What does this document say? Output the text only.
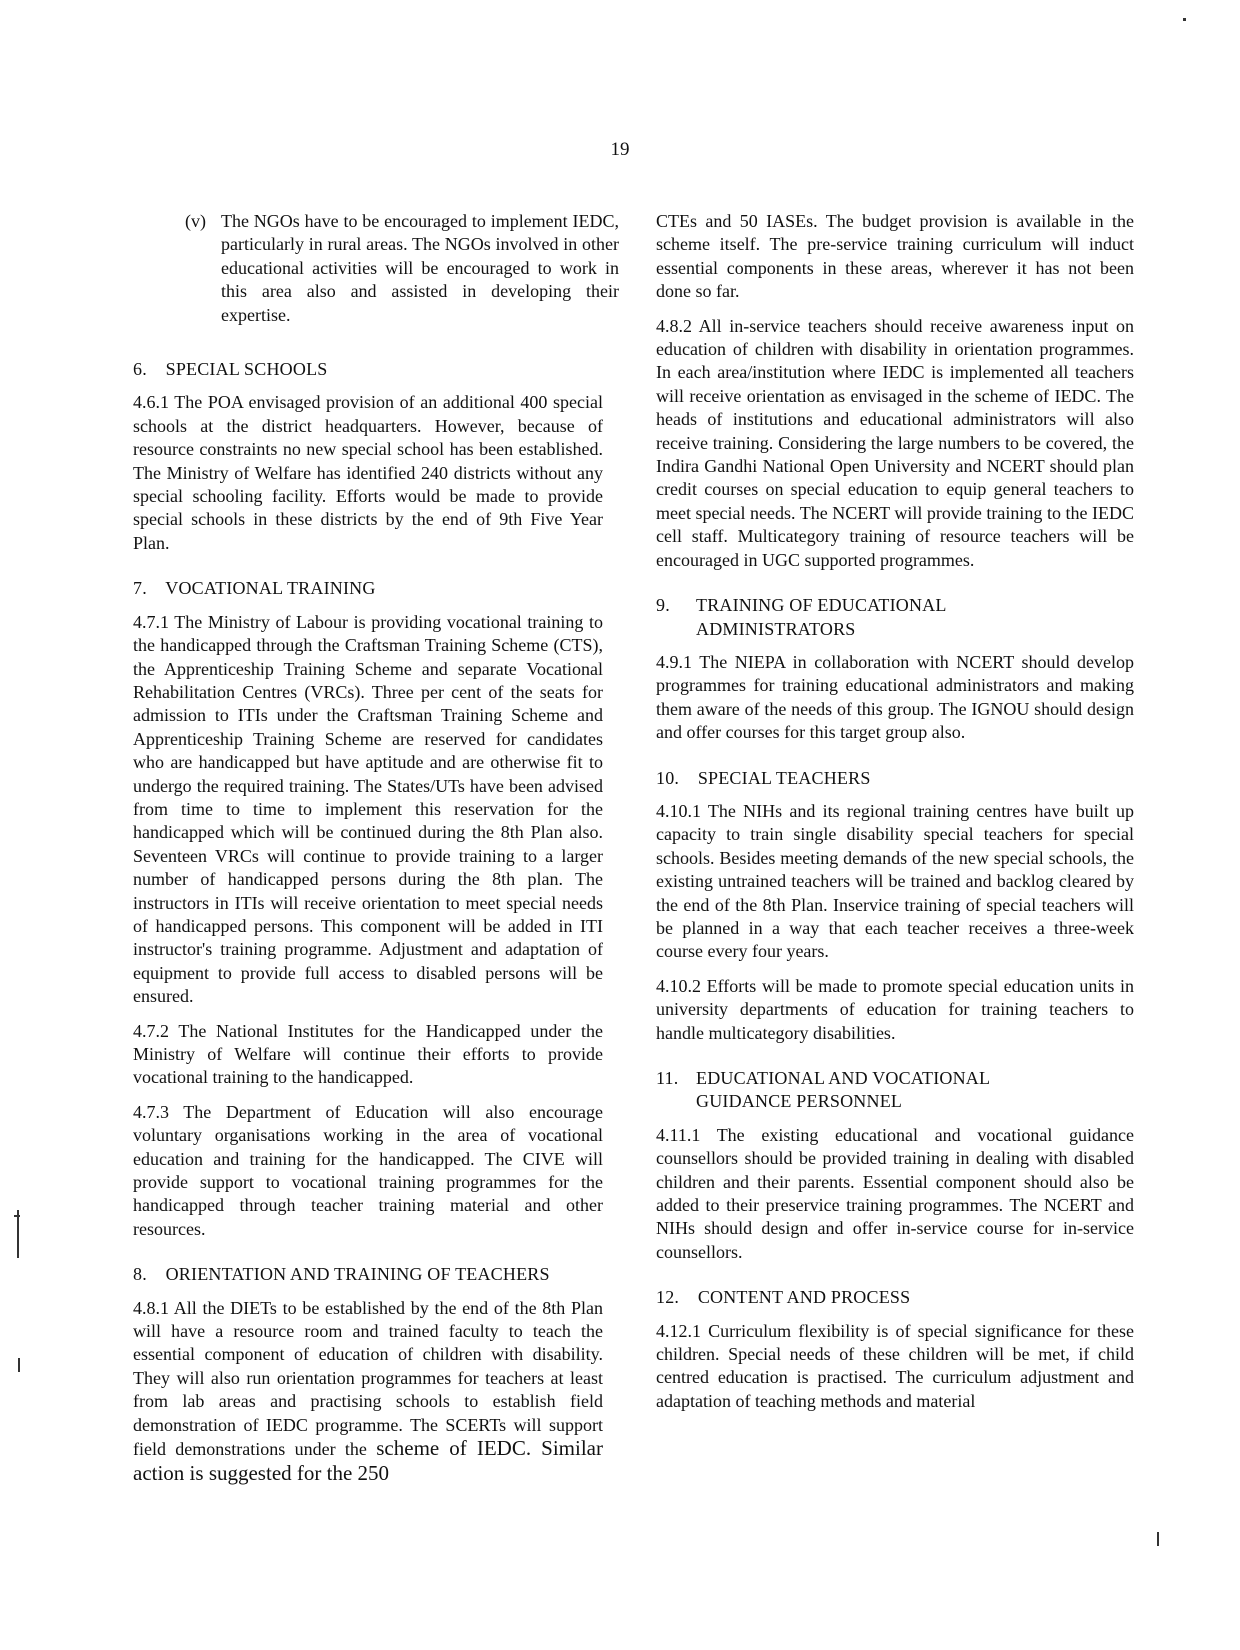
19
(v) The NGOs have to be encouraged to implement IEDC, particularly in rural areas. The NGOs involved in other educational activities will be encouraged to work in this area also and assisted in developing their expertise.
6. SPECIAL SCHOOLS

4.6.1 The POA envisaged provision of an additional 400 special schools at the district headquarters. However, because of resource constraints no new special school has been established. The Ministry of Welfare has identified 240 districts without any special schooling facility. Efforts would be made to provide special schools in these districts by the end of 9th Five Year Plan.

7. VOCATIONAL TRAINING

4.7.1 The Ministry of Labour is providing vocational training to the handicapped through the Craftsman Training Scheme (CTS), the Apprenticeship Training Scheme and separate Vocational Rehabilitation Centres (VRCs). Three per cent of the seats for admission to ITIs under the Craftsman Training Scheme and Apprenticeship Training Scheme are reserved for candidates who are handicapped but have aptitude and are otherwise fit to undergo the required training. The States/UTs have been advised from time to time to implement this reservation for the handicapped which will be continued during the 8th Plan also. Seventeen VRCs will continue to provide training to a larger number of handicapped persons during the 8th plan. The instructors in ITIs will receive orientation to meet special needs of handicapped persons. This component will be added in ITI instructor's training programme. Adjustment and adaptation of equipment to provide full access to disabled persons will be ensured.

4.7.2 The National Institutes for the Handicapped under the Ministry of Welfare will continue their efforts to provide vocational training to the handicapped.

4.7.3 The Department of Education will also encourage voluntary organisations working in the area of vocational education and training for the handicapped. The CIVE will provide support to vocational training programmes for the handicapped through teacher training material and other resources.

8. ORIENTATION AND TRAINING OF TEACHERS

4.8.1 All the DIETs to be established by the end of the 8th Plan will have a resource room and trained faculty to teach the essential component of education of children with disability. They will also run orientation programmes for teachers at least from lab areas and practising schools to establish field demonstration of IEDC programme. The SCERTs will support field demonstrations under the scheme of IEDC. Similar action is suggested for the 250

CTEs and 50 IASEs. The budget provision is available in the scheme itself. The pre-service training curriculum will induct essential components in these areas, wherever it has not been done so far.

4.8.2 All in-service teachers should receive awareness input on education of children with disability in orientation programmes. In each area/institution where IEDC is implemented all teachers will receive orientation as envisaged in the scheme of IEDC. The heads of institutions and educational administrators will also receive training. Considering the large numbers to be covered, the Indira Gandhi National Open University and NCERT should plan credit courses on special education to equip general teachers to meet special needs. The NCERT will provide training to the IEDC cell staff. Multicategory training of resource teachers will be encouraged in UGC supported programmes.

9.	TRAINING OF EDUCATIONAL
ADMINISTRATORS

4.9.1 The NIEPA in collaboration with NCERT should develop programmes for training educational administrators and making them aware of the needs of this group. The IGNOU should design and offer courses for this target group also.

10. SPECIAL TEACHERS

4.10.1 The NIHs and its regional training centres have built up capacity to train single disability special teachers for special schools. Besides meeting demands of the new special schools, the existing untrained teachers will be trained and backlog cleared by the end of the 8th Plan. Inservice training of special teachers will be planned in a way that each teacher receives a three-week course every four years.

4.10.2 Efforts will be made to promote special education units in university departments of education for training teachers to handle multicategory disabilities.

11. EDUCATIONAL AND VOCATIONAL
GUIDANCE PERSONNEL

4.11.1 The existing educational and vocational guidance counsellors should be provided training in dealing with disabled children and their parents. Essential component should also be added to their preservice training programmes. The NCERT and NIHs should design and offer in-service course for in-service counsellors.

12. CONTENT AND PROCESS

4.12.1 Curriculum flexibility is of special significance for these children. Special needs of these children will be met, if child centred education is practised. The curriculum adjustment and adaptation of teaching methods and material
